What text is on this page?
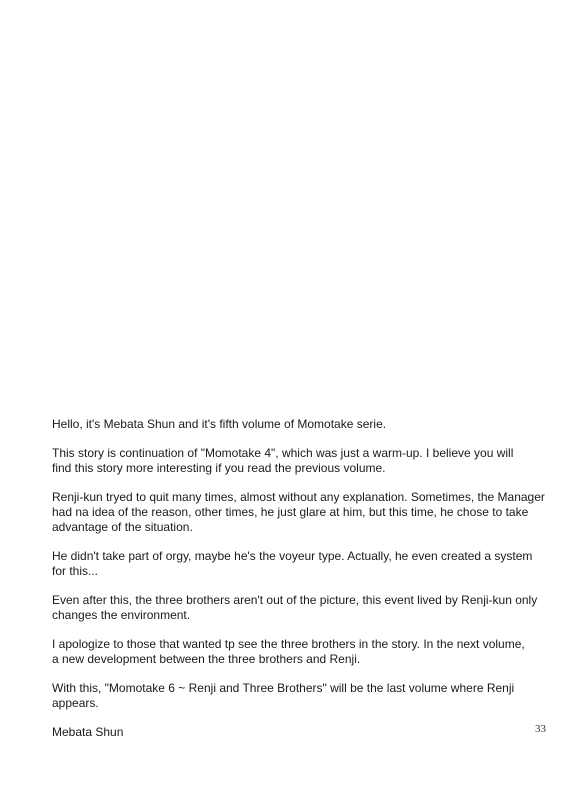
Hello, it's Mebata Shun and it's fifth volume of Momotake serie.

This story is continuation of "Momotake 4", which was just a warm-up. I believe you will
find this story more interesting if you read the previous volume.

Renji-kun tryed to quit many times, almost without any explanation. Sometimes, the Manager
had na idea of the reason, other times, he just glare at him, but this time, he chose to take
advantage of the situation.

He didn't take part of orgy, maybe he's the voyeur type. Actually, he even created a system
for this...

Even after this, the three brothers aren't out of the picture, this event lived by Renji-kun only
changes the environment.

I apologize to those that wanted tp see the three brothers in the story. In the next volume,
a new development between the three brothers and Renji.

With this, "Momotake 6 ~ Renji and Three Brothers" will be the last volume where Renji appears.

Mebata Shun	33
